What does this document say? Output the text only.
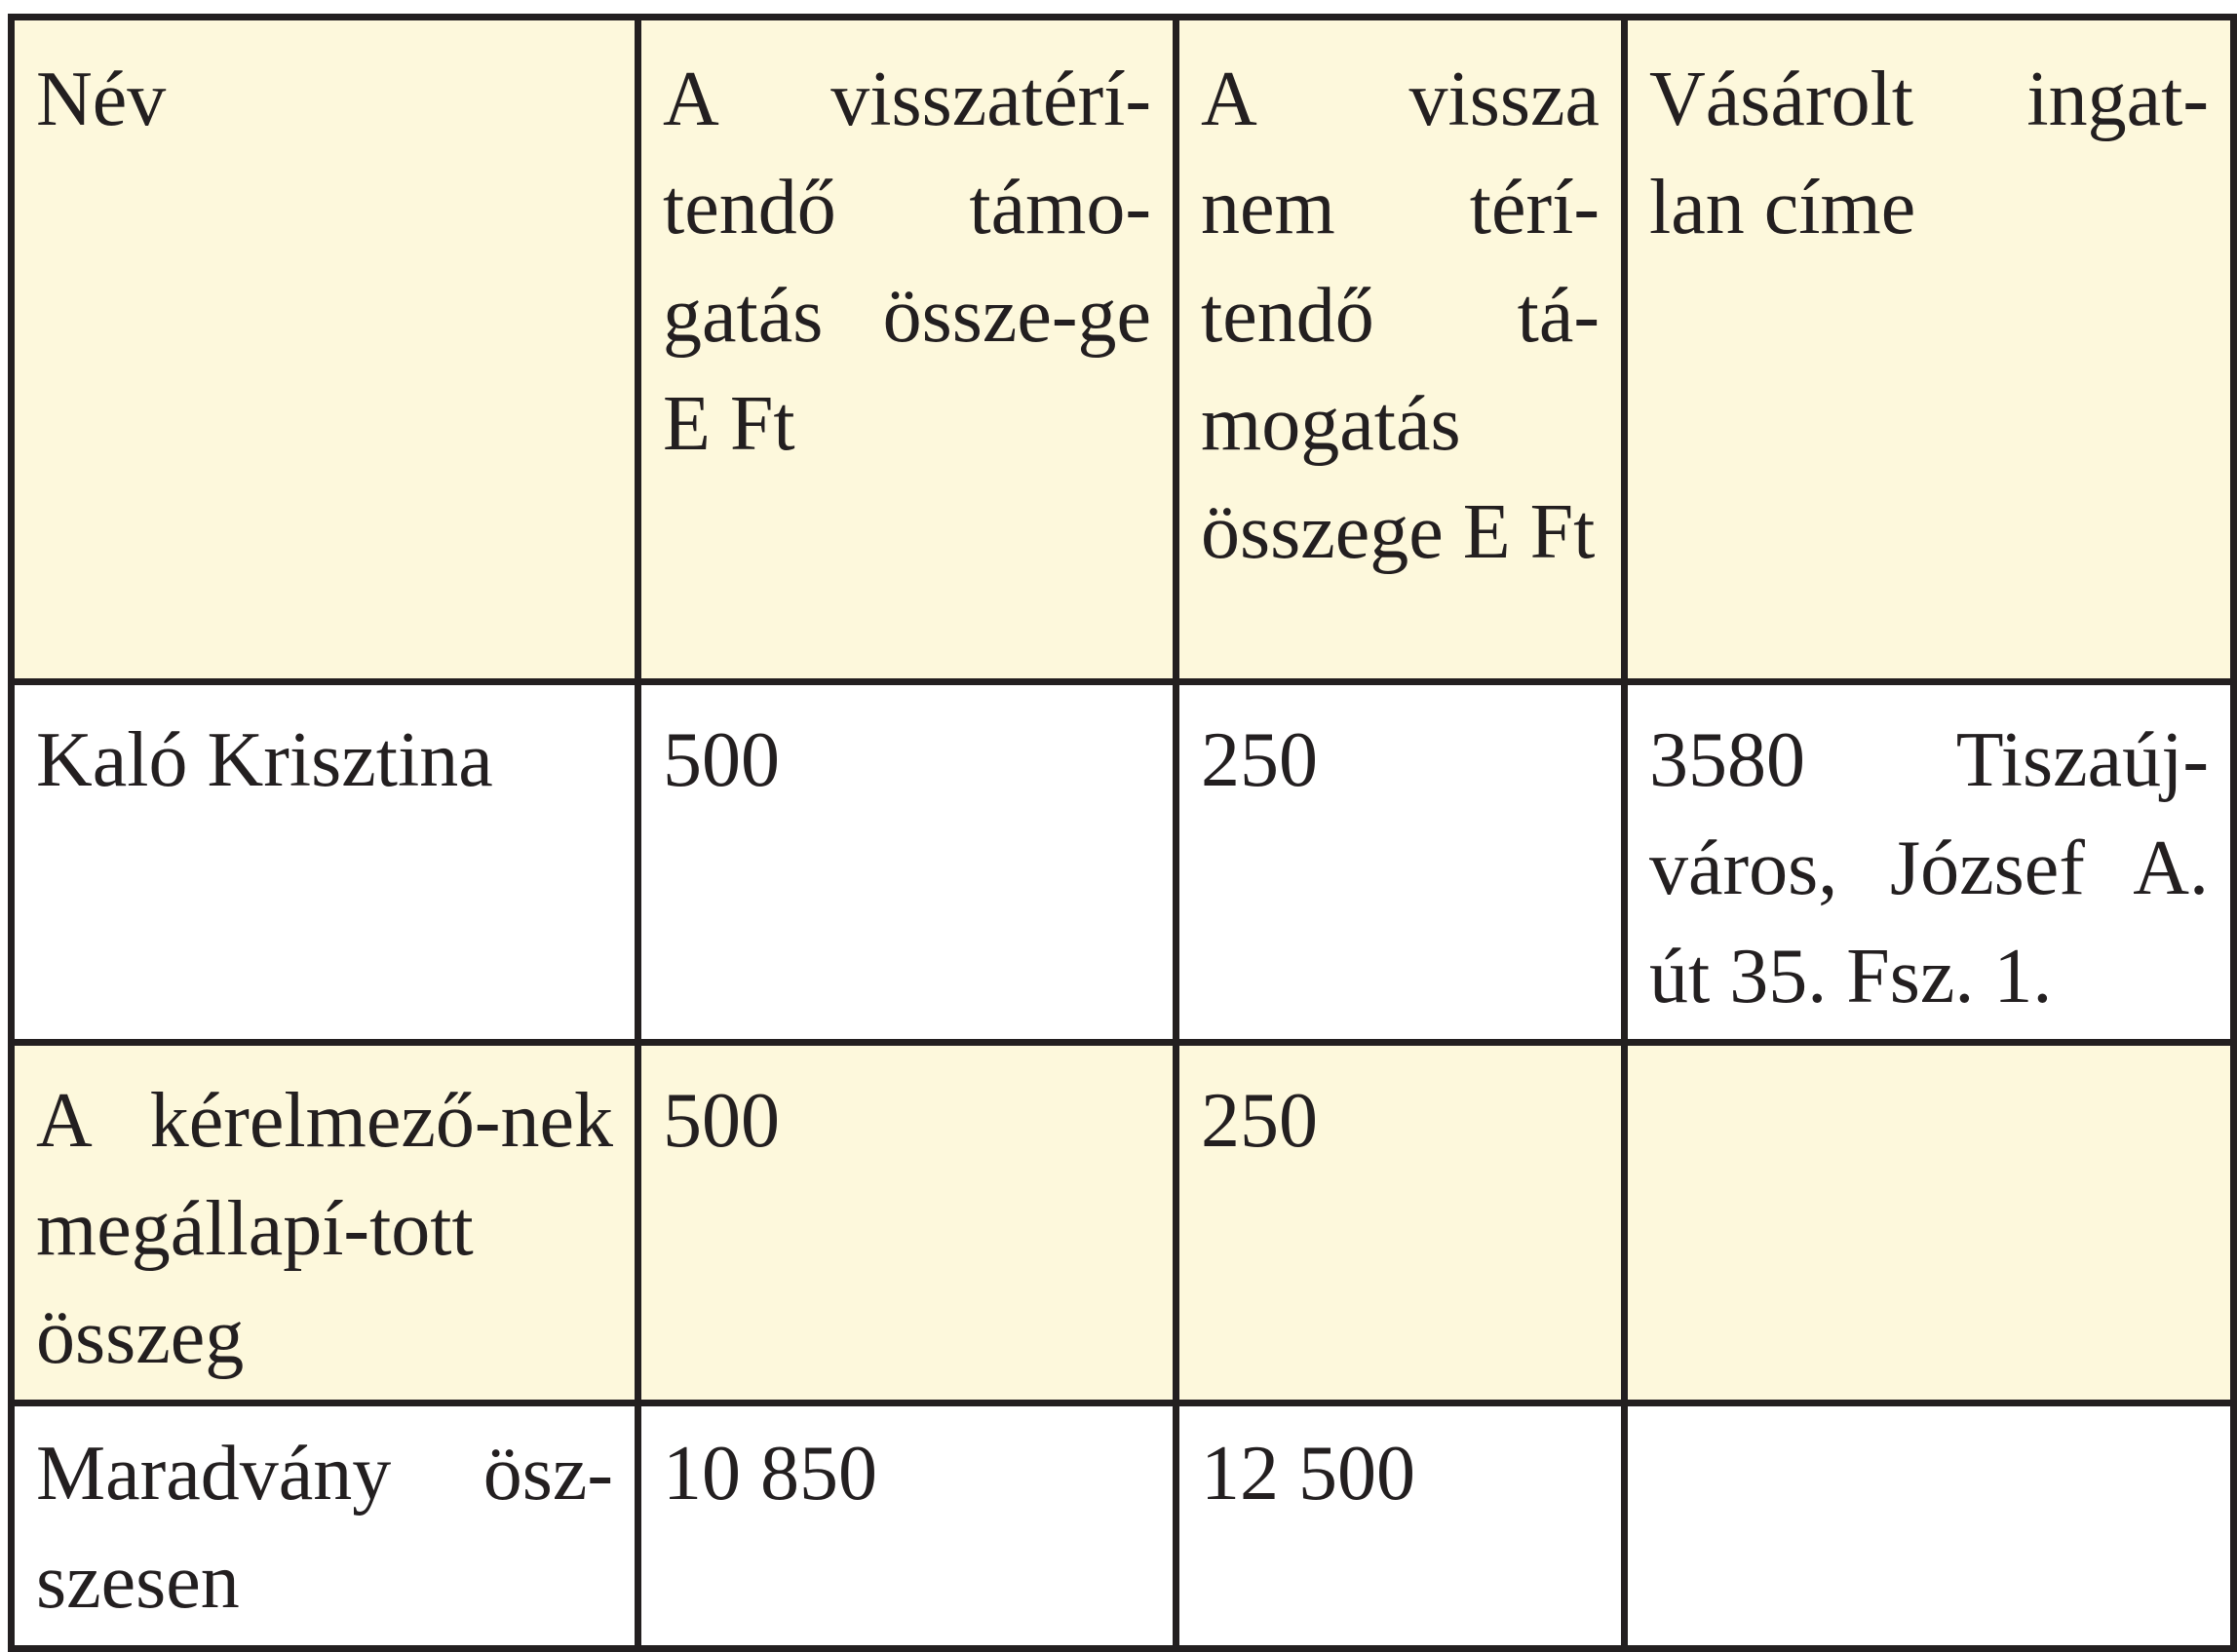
Név	A visszatérí-tendő támo-gatás össze-ge E Ft	A vissza nem térí-tendő tá-mogatás összege E Ft	Vásárolt ingat-lan címe
Kaló Krisztina	500	250	3580 Tiszaúj-város, József A. út 35. Fsz. 1.
A kérelmező-nek megállapí-tott összeg	500	250	
Maradvány ösz-szesen	10 850	12 500	
